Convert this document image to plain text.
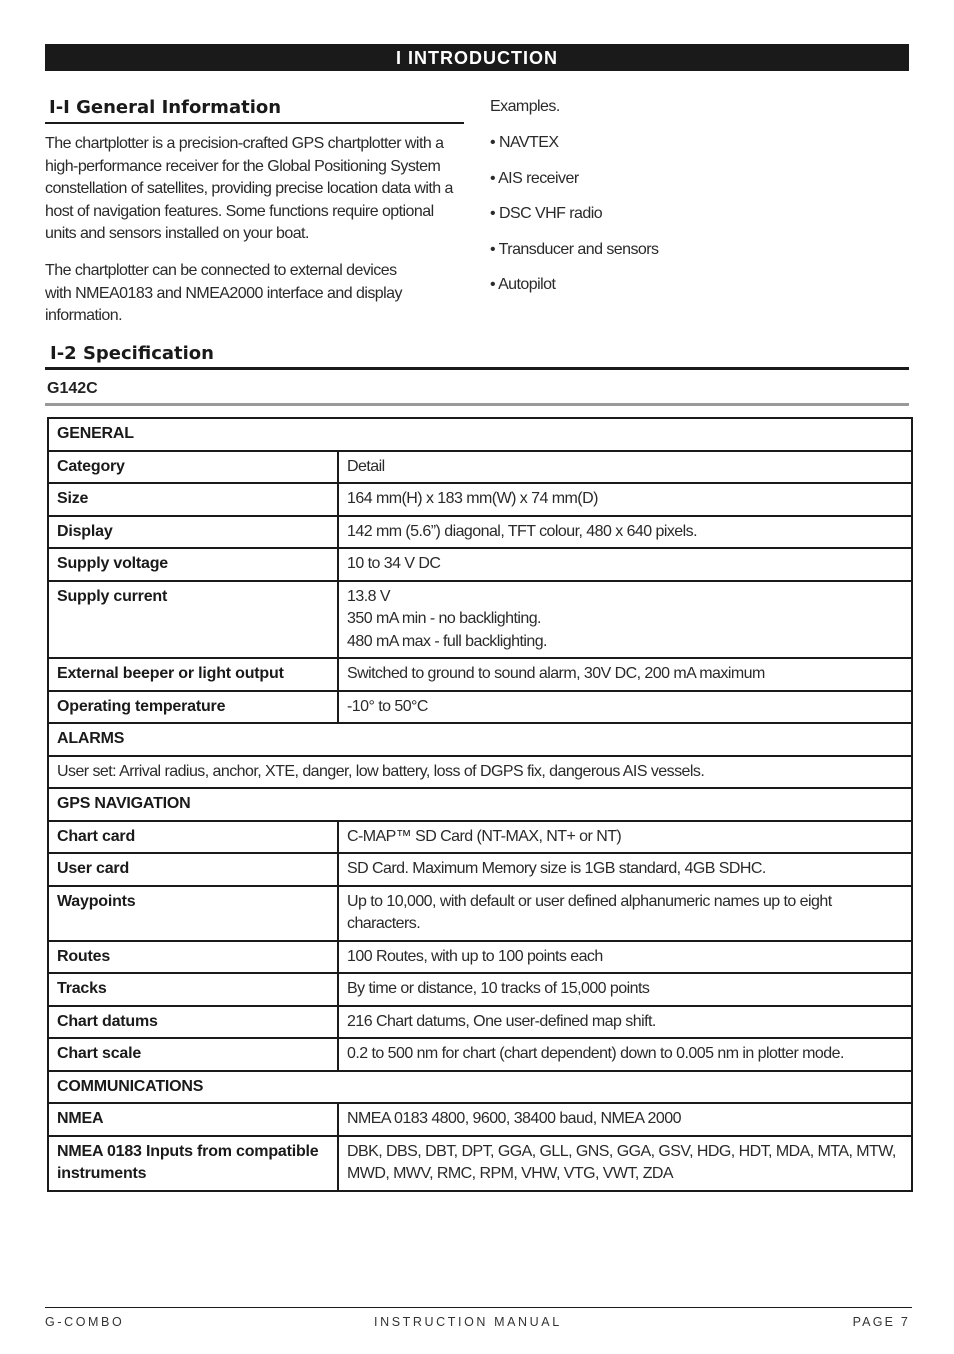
I INTRODUCTION
I-I General Information

The chartplotter is a precision-crafted GPS chartplotter with a high-performance receiver for the Global Positioning System constellation of satellites, providing precise location data with a host of navigation features. Some functions require optional units and sensors installed on your boat.

The chartplotter can be connected to external devices with NMEA0183 and NMEA2000 interface and display information.

Examples.
• NAVTEX
• AIS receiver
• DSC VHF radio
• Transducer and sensors
• Autopilot
I-2 Specification
G142C
GENERAL	
Category	Detail
Size	164 mm(H) x 183 mm(W) x 74 mm(D)
Display	142 mm (5.6”) diagonal, TFT colour, 480 x 640 pixels.
Supply voltage	10 to 34 V DC
Supply current	13.8 V
350 mA min - no backlighting.
480 mA max - full backlighting.
External beeper or light output	Switched to ground to sound alarm, 30V DC, 200 mA maximum
Operating temperature	-10° to 50°C
ALARMS	
User set: Arrival radius, anchor, XTE, danger, low battery, loss of DGPS fix, dangerous AIS vessels.	
GPS NAVIGATION	
Chart card	C-MAP™ SD Card (NT-MAX, NT+ or NT)
User card	SD Card. Maximum Memory size is 1GB standard, 4GB SDHC.
Waypoints	Up to 10,000, with default or user defined alphanumeric names up to eight characters.
Routes	100 Routes, with up to 100 points each
Tracks	By time or distance, 10 tracks of 15,000 points
Chart datums	216 Chart datums, One user-defined map shift.
Chart scale	0.2 to 500 nm for chart (chart dependent) down to 0.005 nm in plotter mode.
COMMUNICATIONS	
NMEA	NMEA 0183 4800, 9600, 38400 baud, NMEA 2000
NMEA 0183 Inputs from compatible instruments	DBK, DBS, DBT, DPT, GGA, GLL, GNS, GGA, GSV, HDG, HDT, MDA, MTA, MTW, MWD, MWV, RMC, RPM, VHW, VTG, VWT, ZDA
G-COMBO	INSTRUCTION MANUAL	PAGE 7
